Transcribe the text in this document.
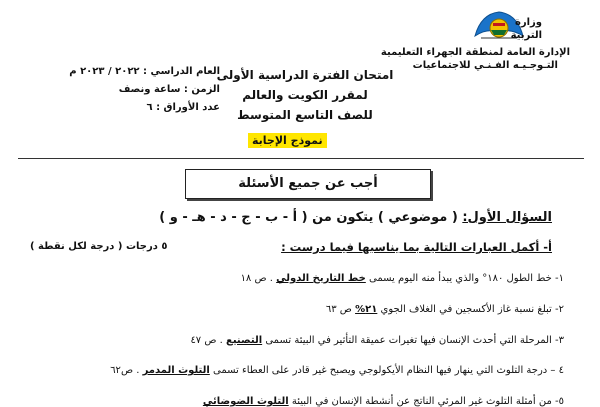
وزارة
التربية
الإدارة العامة لمنطقة الجهراء التعليمية
التـوجـيـه الفـنـي للاجتماعيات
امتحان الفترة الدراسية الأولى
لمقرر الكويت والعالم
للصف التاسع المتوسط
نموذج الإجابة
العام الدراسي : ٢٠٢٢ / ٢٠٢٣ م
الزمن : ساعة ونصف
عدد الأوراق : ٦
أجب عن جميع الأسئلة
السؤال الأول: ( موضوعي ) يتكون من ( أ - ب - ج - د - هـ - و )
أ- أكمل العبارات التالية بما يناسبها فيما درست :
٥ درجات ( درجة لكل نقطة )
١- خط الطول ١٨٠° والذي يبدأ منه اليوم يسمى خط التاريخ الدولي . ص ١٨
٢- تبلغ نسبة غاز الأكسجين في الغلاف الجوي ٢١% ص ٦٣
٣- المرحلة التي أحدث الإنسان فيها تغيرات عميقة التأثير في البيئة تسمى التصنيع . ص ٤٧
٤ – درجة التلوث التي ينهار فيها النظام الأيكولوجي ويصبح غير قادر على العطاء تسمى التلوث المدمر . ص٦٢
٥- من أمثلة التلوث غير المرئي الناتج عن أنشطة الإنسان في البيئة التلوث الضوضائي
